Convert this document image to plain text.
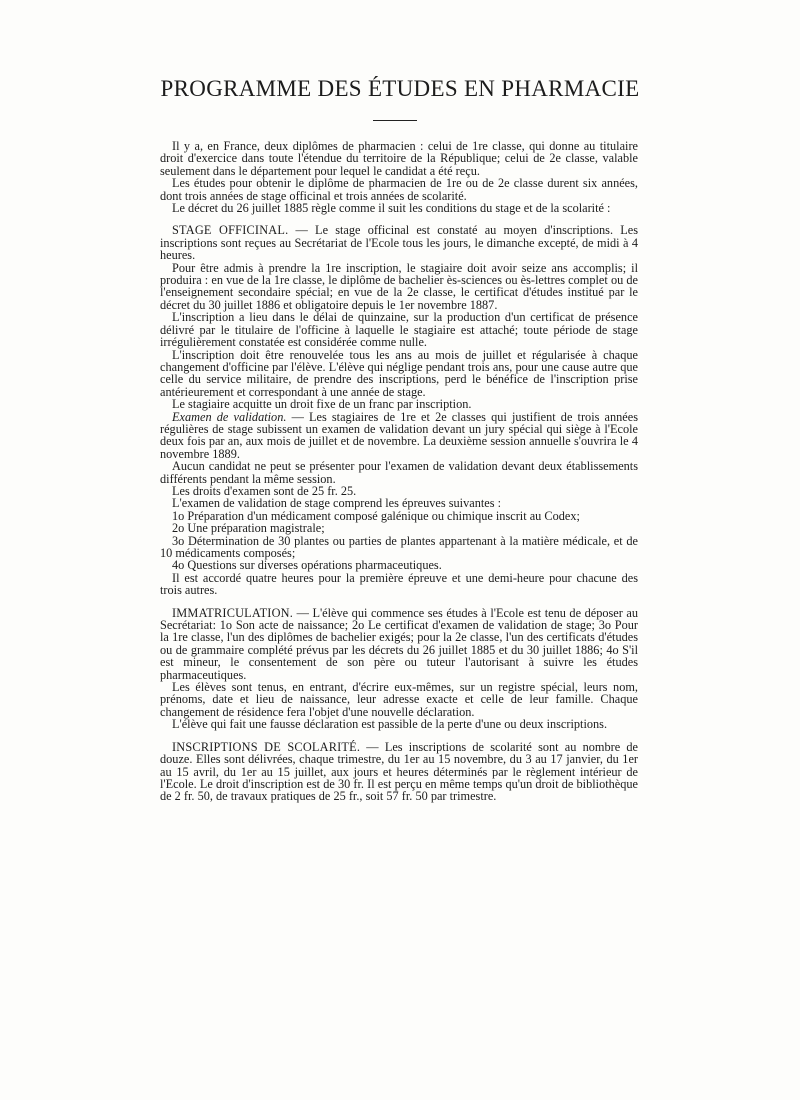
PROGRAMME DES ÉTUDES EN PHARMACIE

Il y a, en France, deux diplômes de pharmacien : celui de 1re classe, qui donne au titulaire droit d'exercice dans toute l'étendue du territoire de la République; celui de 2e classe, valable seulement dans le département pour lequel le candidat a été reçu.

Les études pour obtenir le diplôme de pharmacien de 1re ou de 2e classe durent six années, dont trois années de stage officinal et trois années de scolarité.

Le décret du 26 juillet 1885 règle comme il suit les conditions du stage et de la scolarité :

STAGE OFFICINAL. — Le stage officinal est constaté au moyen d'inscriptions. Les inscriptions sont reçues au Secrétariat de l'Ecole tous les jours, le dimanche excepté, de midi à 4 heures.

Pour être admis à prendre la 1re inscription, le stagiaire doit avoir seize ans accomplis; il produira : en vue de la 1re classe, le diplôme de bachelier ès-sciences ou ès-lettres complet ou de l'enseignement secondaire spécial; en vue de la 2e classe, le certificat d'études institué par le décret du 30 juillet 1886 et obligatoire depuis le 1er novembre 1887.

L'inscription a lieu dans le délai de quinzaine, sur la production d'un certificat de présence délivré par le titulaire de l'officine à laquelle le stagiaire est attaché; toute période de stage irrégulièrement constatée est considérée comme nulle.

L'inscription doit être renouvelée tous les ans au mois de juillet et régularisée à chaque changement d'officine par l'élève. L'élève qui néglige pendant trois ans, pour une cause autre que celle du service militaire, de prendre des inscriptions, perd le bénéfice de l'inscription prise antérieurement et correspondant à une année de stage.

Le stagiaire acquitte un droit fixe de un franc par inscription.

Examen de validation. — Les stagiaires de 1re et 2e classes qui justifient de trois années régulières de stage subissent un examen de validation devant un jury spécial qui siège à l'Ecole deux fois par an, aux mois de juillet et de novembre. La deuxième session annuelle s'ouvrira le 4 novembre 1889.

Aucun candidat ne peut se présenter pour l'examen de validation devant deux établissements différents pendant la même session.

Les droits d'examen sont de 25 fr. 25.

L'examen de validation de stage comprend les épreuves suivantes :

1o Préparation d'un médicament composé galénique ou chimique inscrit au Codex;

2o Une préparation magistrale;

3o Détermination de 30 plantes ou parties de plantes appartenant à la matière médicale, et de 10 médicaments composés;

4o Questions sur diverses opérations pharmaceutiques.

Il est accordé quatre heures pour la première épreuve et une demi-heure pour chacune des trois autres.

IMMATRICULATION. — L'élève qui commence ses études à l'Ecole est tenu de déposer au Secrétariat: 1o Son acte de naissance; 2o Le certificat d'examen de validation de stage; 3o Pour la 1re classe, l'un des diplômes de bachelier exigés; pour la 2e classe, l'un des certificats d'études ou de grammaire complété prévus par les décrets du 26 juillet 1885 et du 30 juillet 1886; 4o S'il est mineur, le consentement de son père ou tuteur l'autorisant à suivre les études pharmaceutiques.

Les élèves sont tenus, en entrant, d'écrire eux-mêmes, sur un registre spécial, leurs nom, prénoms, date et lieu de naissance, leur adresse exacte et celle de leur famille. Chaque changement de résidence fera l'objet d'une nouvelle déclaration.

L'élève qui fait une fausse déclaration est passible de la perte d'une ou deux inscriptions.

INSCRIPTIONS DE SCOLARITÉ. — Les inscriptions de scolarité sont au nombre de douze. Elles sont délivrées, chaque trimestre, du 1er au 15 novembre, du 3 au 17 janvier, du 1er au 15 avril, du 1er au 15 juillet, aux jours et heures déterminés par le règlement intérieur de l'Ecole. Le droit d'inscription est de 30 fr. Il est perçu en même temps qu'un droit de bibliothèque de 2 fr. 50, de travaux pratiques de 25 fr., soit 57 fr. 50 par trimestre.
